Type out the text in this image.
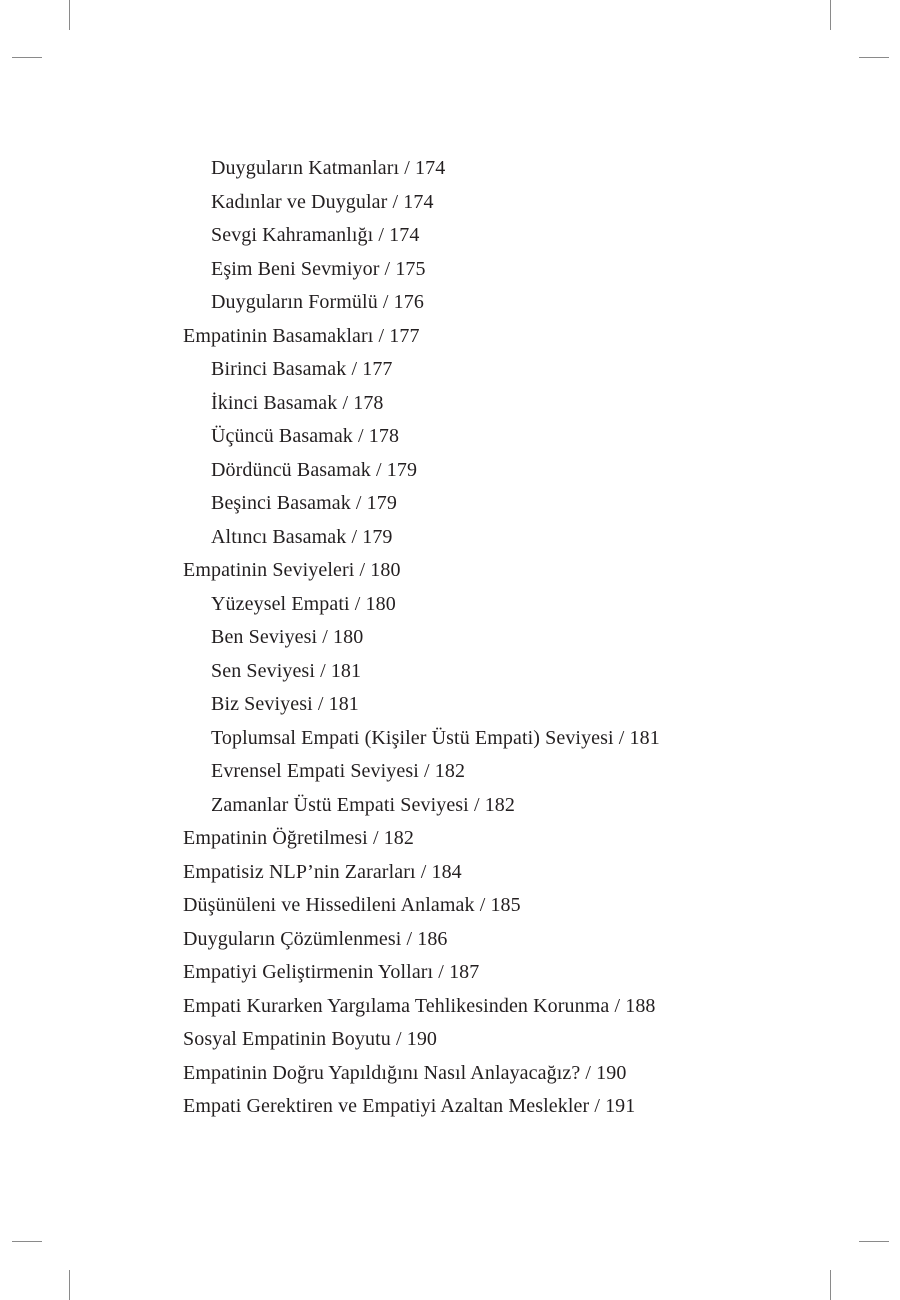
Duyguların Katmanları / 174
Kadınlar ve Duygular / 174
Sevgi Kahramanlığı / 174
Eşim Beni Sevmiyor / 175
Duyguların Formülü / 176
Empatinin Basamakları / 177
Birinci Basamak / 177
İkinci Basamak / 178
Üçüncü Basamak / 178
Dördüncü Basamak / 179
Beşinci Basamak / 179
Altıncı Basamak / 179
Empatinin Seviyeleri / 180
Yüzeysel Empati / 180
Ben Seviyesi / 180
Sen Seviyesi / 181
Biz Seviyesi / 181
Toplumsal Empati (Kişiler Üstü Empati) Seviyesi / 181
Evrensel Empati Seviyesi / 182
Zamanlar Üstü Empati Seviyesi / 182
Empatinin Öğretilmesi / 182
Empatisiz NLP’nin Zararları / 184
Düşünüleni ve Hissedileni Anlamak / 185
Duyguların Çözümlenmesi / 186
Empatiyi Geliştirmenin Yolları / 187
Empati Kurarken Yargılama Tehlikesinden Korunma / 188
Sosyal Empatinin Boyutu / 190
Empatinin Doğru Yapıldığını Nasıl Anlayacağız? / 190
Empati Gerektiren ve Empatiyi Azaltan Meslekler / 191
